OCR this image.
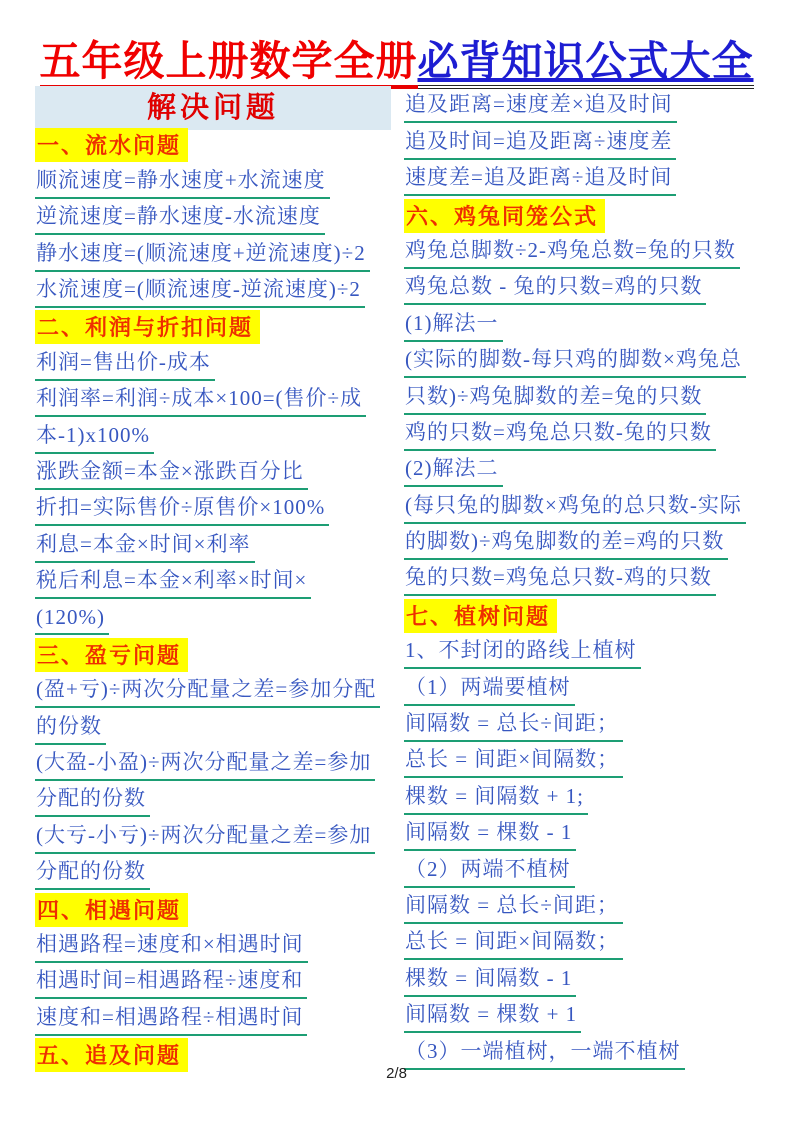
五年级上册数学全册必背知识公式大全
解决问题
一、流水问题
顺流速度=静水速度+水流速度
逆流速度=静水速度-水流速度
静水速度=(顺流速度+逆流速度)÷2
水流速度=(顺流速度-逆流速度)÷2
二、利润与折扣问题
利润=售出价-成本
利润率=利润÷成本×100=(售价÷成
本-1)x100%
涨跌金额=本金×涨跌百分比
折扣=实际售价÷原售价×100%
利息=本金×时间×利率
税后利息=本金×利率×时间×
(120%)
三、盈亏问题
(盈+亏)÷两次分配量之差=参加分配
的份数
(大盈-小盈)÷两次分配量之差=参加
分配的份数
(大亏-小亏)÷两次分配量之差=参加
分配的份数
四、相遇问题
相遇路程=速度和×相遇时间
相遇时间=相遇路程÷速度和
速度和=相遇路程÷相遇时间
五、追及问题
追及距离=速度差×追及时间
追及时间=追及距离÷速度差
速度差=追及距离÷追及时间
六、鸡兔同笼公式
鸡兔总脚数÷2-鸡兔总数=兔的只数
鸡兔总数 - 兔的只数=鸡的只数
(1)解法一
(实际的脚数-每只鸡的脚数×鸡兔总
只数)÷鸡兔脚数的差=兔的只数
鸡的只数=鸡兔总只数-兔的只数
(2)解法二
(每只兔的脚数×鸡兔的总只数-实际
的脚数)÷鸡兔脚数的差=鸡的只数
兔的只数=鸡兔总只数-鸡的只数
七、植树问题
1、不封闭的路线上植树
（1）两端要植树
间隔数 = 总长÷间距；
总长 = 间距×间隔数；
棵数 = 间隔数 + 1;
间隔数 = 棵数 - 1
（2）两端不植树
间隔数 = 总长÷间距；
总长 = 间距×间隔数；
棵数 = 间隔数 - 1
间隔数 = 棵数 + 1
（3）一端植树，一端不植树
2/8
